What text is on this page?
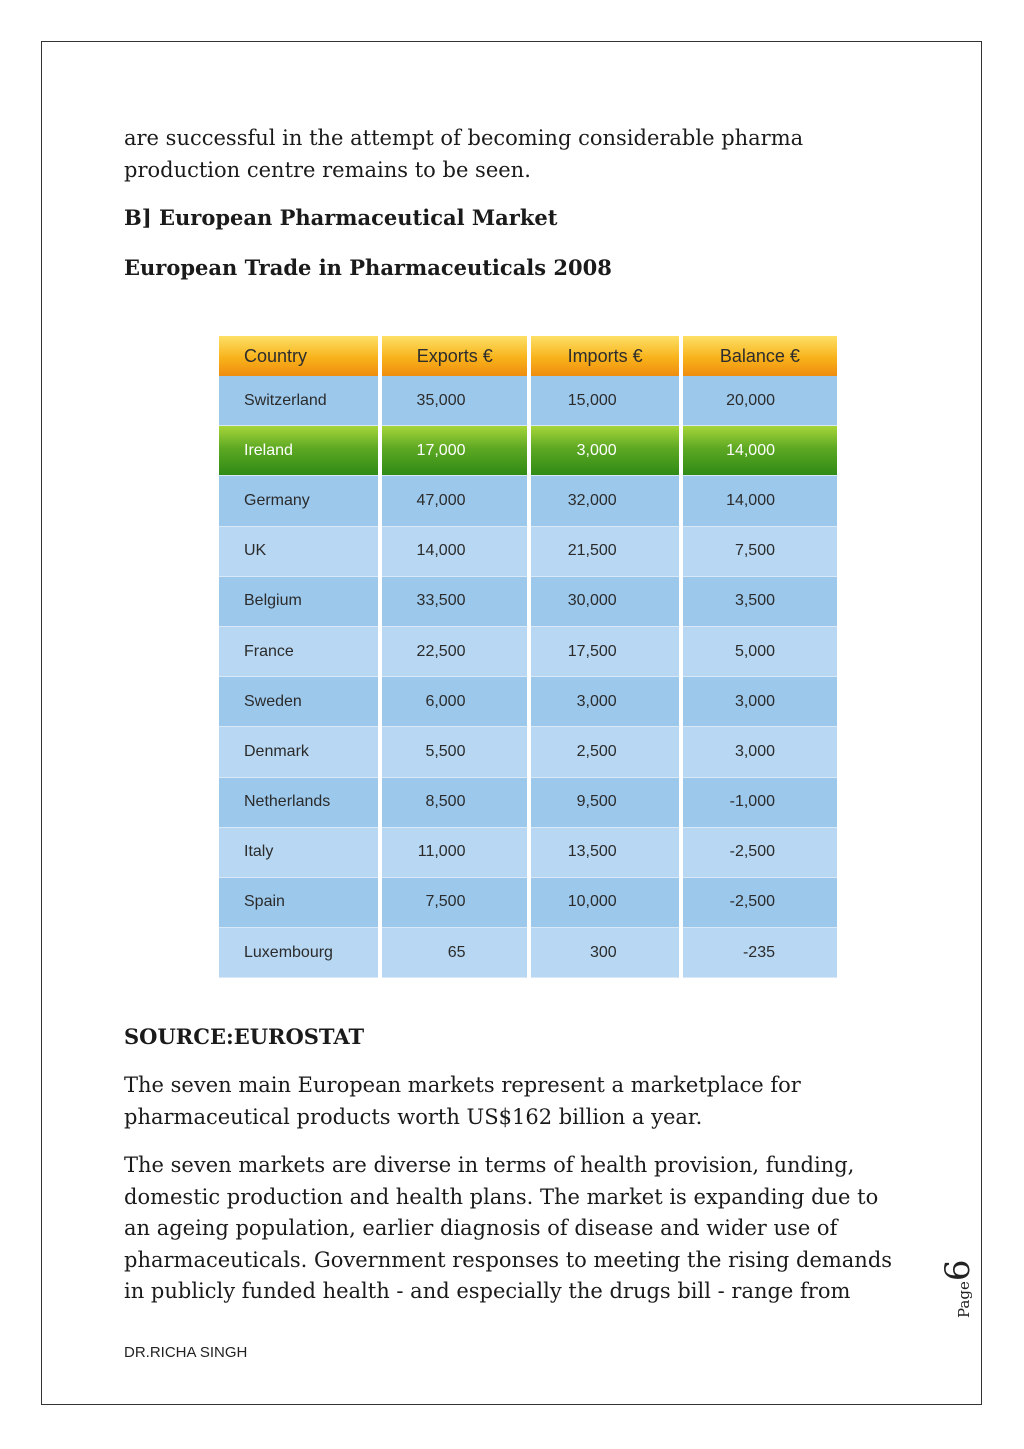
are successful in the attempt of becoming considerable pharma production centre remains to be seen.
B] European Pharmaceutical Market
European Trade in Pharmaceuticals 2008
Country	Exports €	Imports €	Balance €
Switzerland	35,000	15,000	20,000
Ireland	17,000	3,000	14,000
Germany	47,000	32,000	14,000
UK	14,000	21,500	7,500
Belgium	33,500	30,000	3,500
France	22,500	17,500	5,000
Sweden	6,000	3,000	3,000
Denmark	5,500	2,500	3,000
Netherlands	8,500	9,500	-1,000
Italy	11,000	13,500	-2,500
Spain	7,500	10,000	-2,500
Luxembourg	65	300	-235
SOURCE:EUROSTAT
The seven main European markets represent a marketplace for pharmaceutical products worth US$162 billion a year.
The seven markets are diverse in terms of health provision, funding, domestic production and health plans. The market is expanding due to an ageing population, earlier diagnosis of disease and wider use of pharmaceuticals. Government responses to meeting the rising demands in publicly funded health - and especially the drugs bill - range from
DR.RICHA SINGH
Page6
